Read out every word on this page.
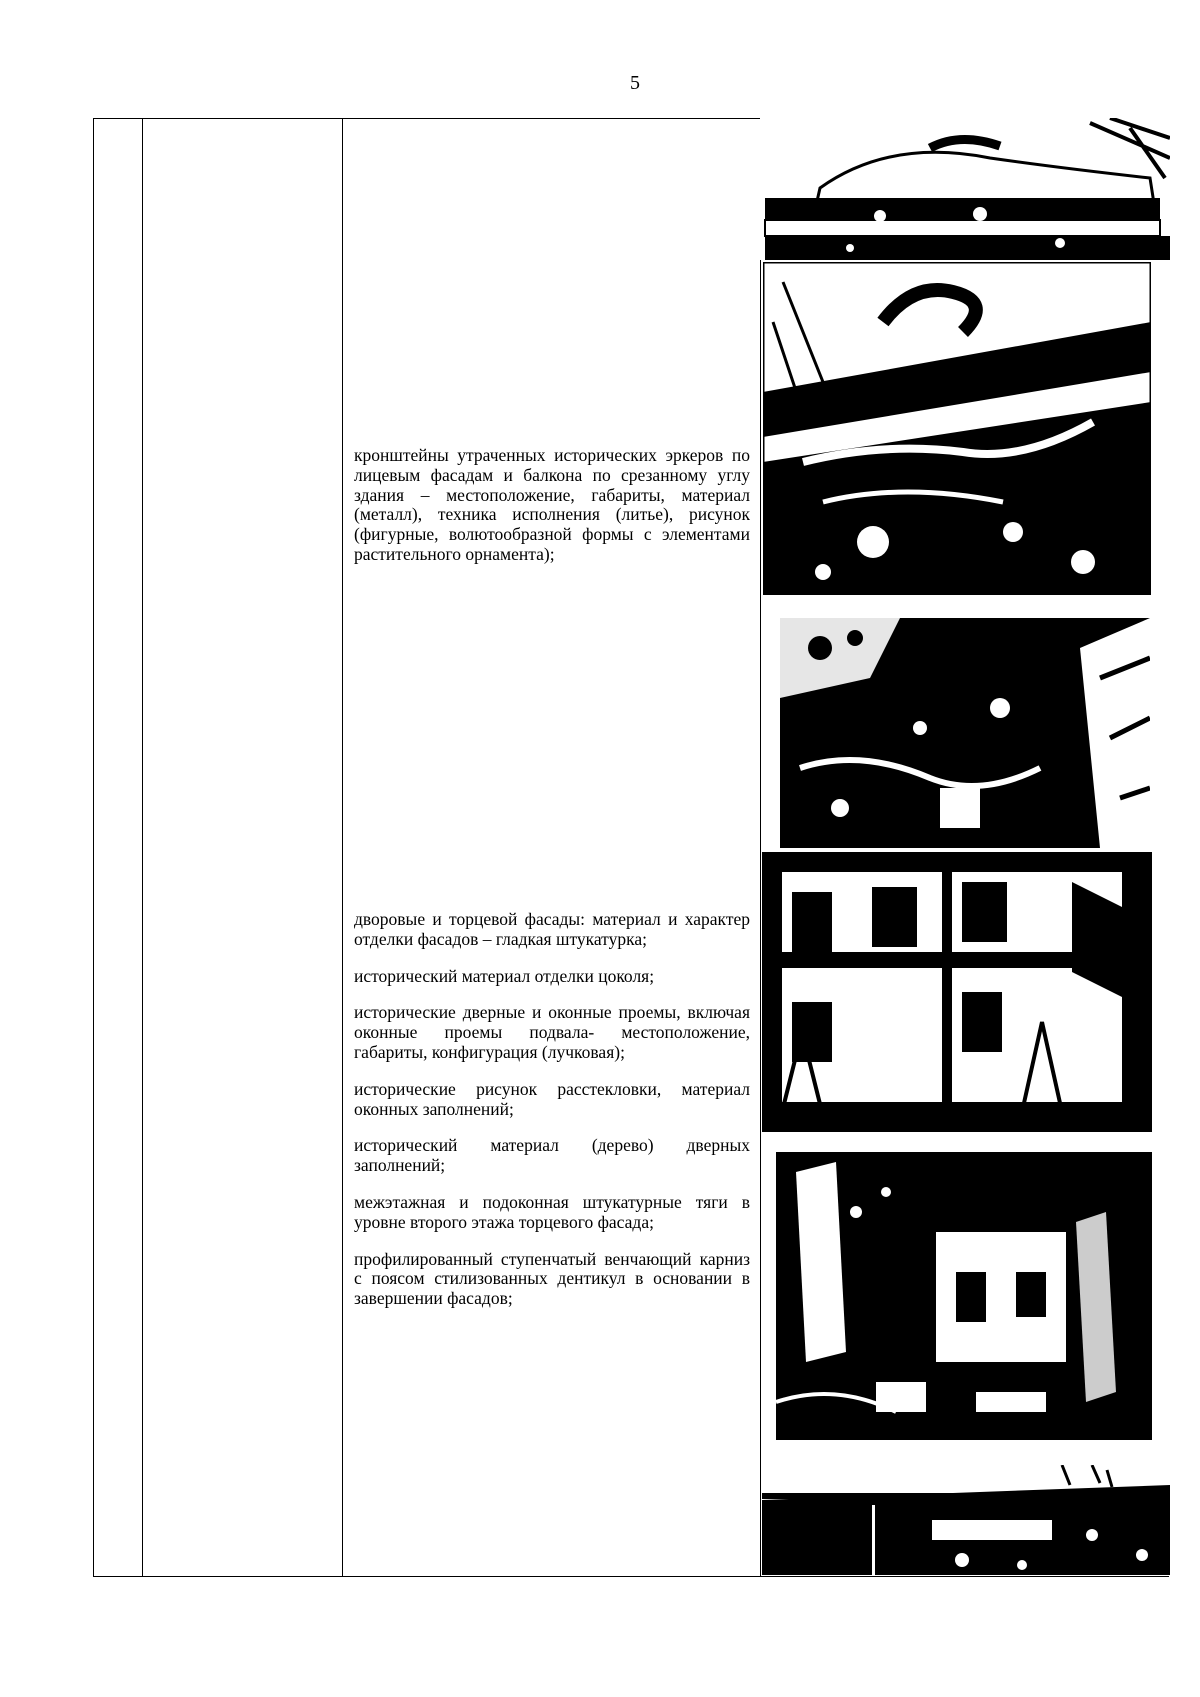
5

кронштейны утраченных исторических эркеров по лицевым фасадам и балкона по срезанному углу здания – местоположение, габариты, материал (металл), техника исполнения (литье), рисунок (фигурные, волютообразной формы с элементами растительного орнамента);

дворовые и торцевой фасады: материал и характер отделки фасадов – гладкая штукатурка;

исторический материал отделки цоколя;

исторические дверные и оконные проемы, включая оконные проемы подвала- местоположение, габариты, конфигурация (лучковая);

исторические рисунок расстекловки, материал оконных заполнений;

исторический материал (дерево) дверных заполнений;

межэтажная и подоконная штукатурные тяги в уровне второго этажа торцевого фасада;

профилированный ступенчатый венчающий карниз с поясом стилизованных дентикул в основании в завершении фасадов;
